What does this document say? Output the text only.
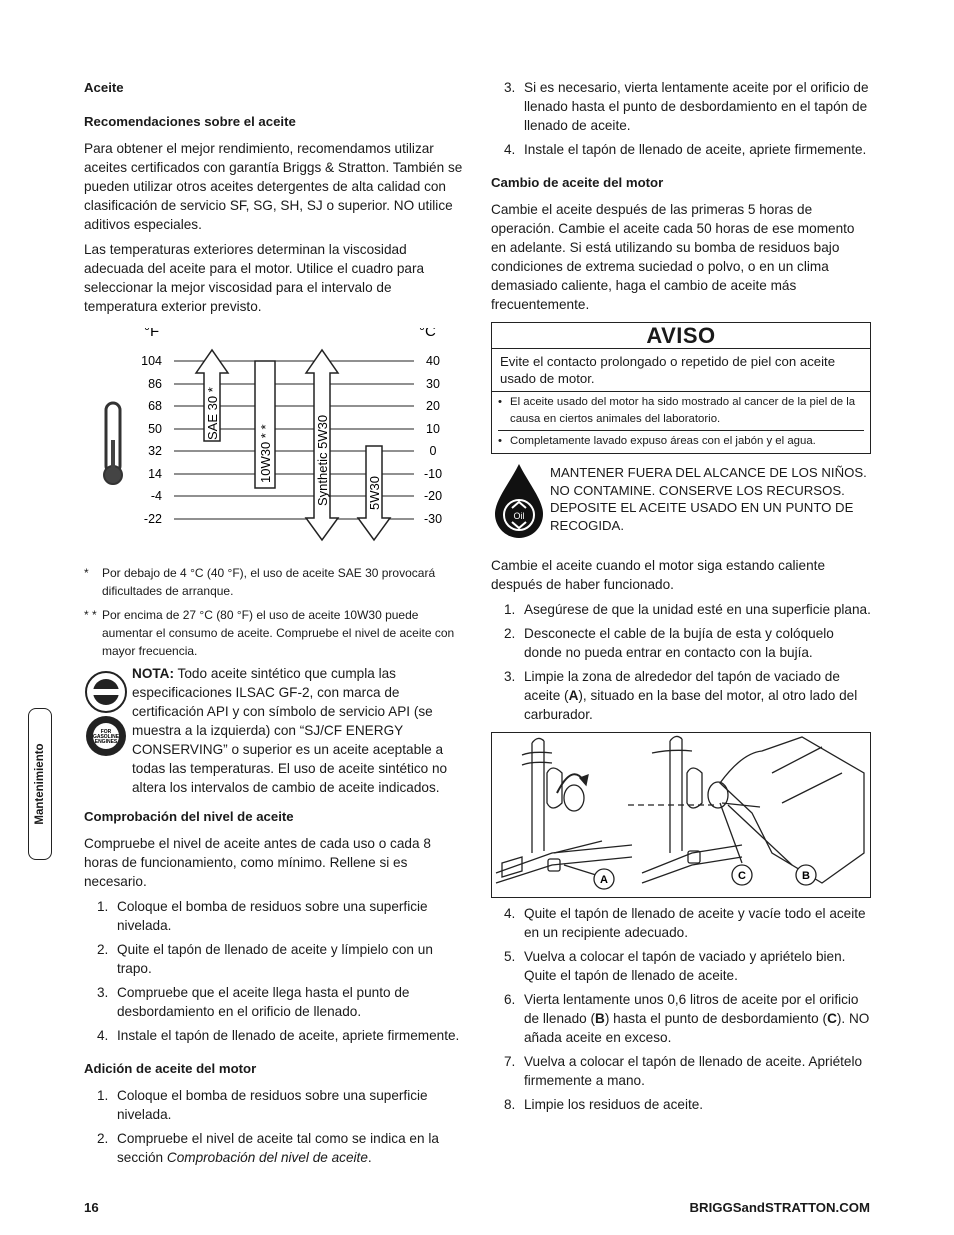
Aceite
Recomendaciones sobre el aceite

Para obtener el mejor rendimiento, recomendamos utilizar aceites certificados con garantía Briggs & Stratton. También se pueden utilizar otros aceites detergentes de alta calidad con clasificación de servicio SF, SG, SH, SJ o superior. NO utilice aditivos especiales.

Las temperaturas exteriores determinan la viscosidad adecuada del aceite para el motor. Utilice el cuadro para seleccionar la mejor viscosidad para el intervalo de temperatura exterior previsto.

°F	°C
104
86
68
50
32
14
-4
-22
40
30
20
10
0
-10
-20
-30
SAE 30 *
10W30 * *	Synthetic 5W30	5W30
* Por debajo de 4 °C (40 °F), el uso de aceite SAE 30 provocará dificultades de arranque.
* * Por encima de 27 °C (80 °F) el uso de aceite 10W30 puede aumentar el consumo de aceite. Compruebe el nivel de aceite con mayor frecuencia.
FOR GASOLINE ENGINES
NOTA: Todo aceite sintético que cumpla las especificaciones ILSAC GF-2, con marca de certificación API y con símbolo de servicio API (se muestra a la izquierda) con “SJ/CF ENERGY CONSERVING” o superior es un aceite aceptable a todas las temperaturas. El uso de aceite sintético no altera los intervalos de cambio de aceite indicados.
Comprobación del nivel de aceite

Compruebe el nivel de aceite antes de cada uso o cada 8 horas de funcionamiento, como mínimo. Rellene si es necesario.

1. Coloque el bomba de residuos sobre una superficie nivelada.
2. Quite el tapón de llenado de aceite y límpielo con un trapo.
3. Compruebe que el aceite llega hasta el punto de desbordamiento en el orificio de llenado.
4. Instale el tapón de llenado de aceite, apriete firmemente.
Adición de aceite del motor
1. Coloque el bomba de residuos sobre una superficie nivelada.
2. Compruebe el nivel de aceite tal como se indica en la sección Comprobación del nivel de aceite.
3. Si es necesario, vierta lentamente aceite por el orificio de llenado hasta el punto de desbordamiento en el tapón de llenado de aceite.
4. Instale el tapón de llenado de aceite, apriete firmemente.
Cambio de aceite del motor

Cambie el aceite después de las primeras 5 horas de operación. Cambie el aceite cada 50 horas de ese momento en adelante. Si está utilizando su bomba de residuos bajo condiciones de extrema suciedad o polvo, o en un clima demasiado caliente, haga el cambio de aceite más frecuentemente.

AVISO
Evite el contacto prolongado o repetido de piel con aceite usado de motor.
• El aceite usado del motor ha sido mostrado al cancer de la piel de la causa en ciertos animales del laboratorio.
• Completamente lavado expuso áreas con el jabón y el agua.
Oil
MANTENER FUERA DEL ALCANCE DE LOS NIÑOS. NO CONTAMINE. CONSERVE LOS RECURSOS. DEPOSITE EL ACEITE USADO EN UN PUNTO DE RECOGIDA.

Cambie el aceite cuando el motor siga estando caliente después de haber funcionado.

1. Asegúrese de que la unidad esté en una superficie plana.
2. Desconecte el cable de la bujía de esta y colóquelo donde no pueda entrar en contacto con la bujía.
3. Limpie la zona de alrededor del tapón de vaciado de aceite (A), situado en la base del motor, al otro lado del carburador.
A	C	B
4. Quite el tapón de llenado de aceite y vacíe todo el aceite en un recipiente adecuado.
5. Vuelva a colocar el tapón de vaciado y apriételo bien. Quite el tapón de llenado de aceite.
6. Vierta lentamente unos 0,6 litros de aceite por el orificio de llenado (B) hasta el punto de desbordamiento (C). NO añada aceite en exceso.
7. Vuelva a colocar el tapón de llenado de aceite. Apriételo firmemente a mano.
8. Limpie los residuos de aceite.
Mantenimiento
16	BRIGGSandSTRATTON.COM
